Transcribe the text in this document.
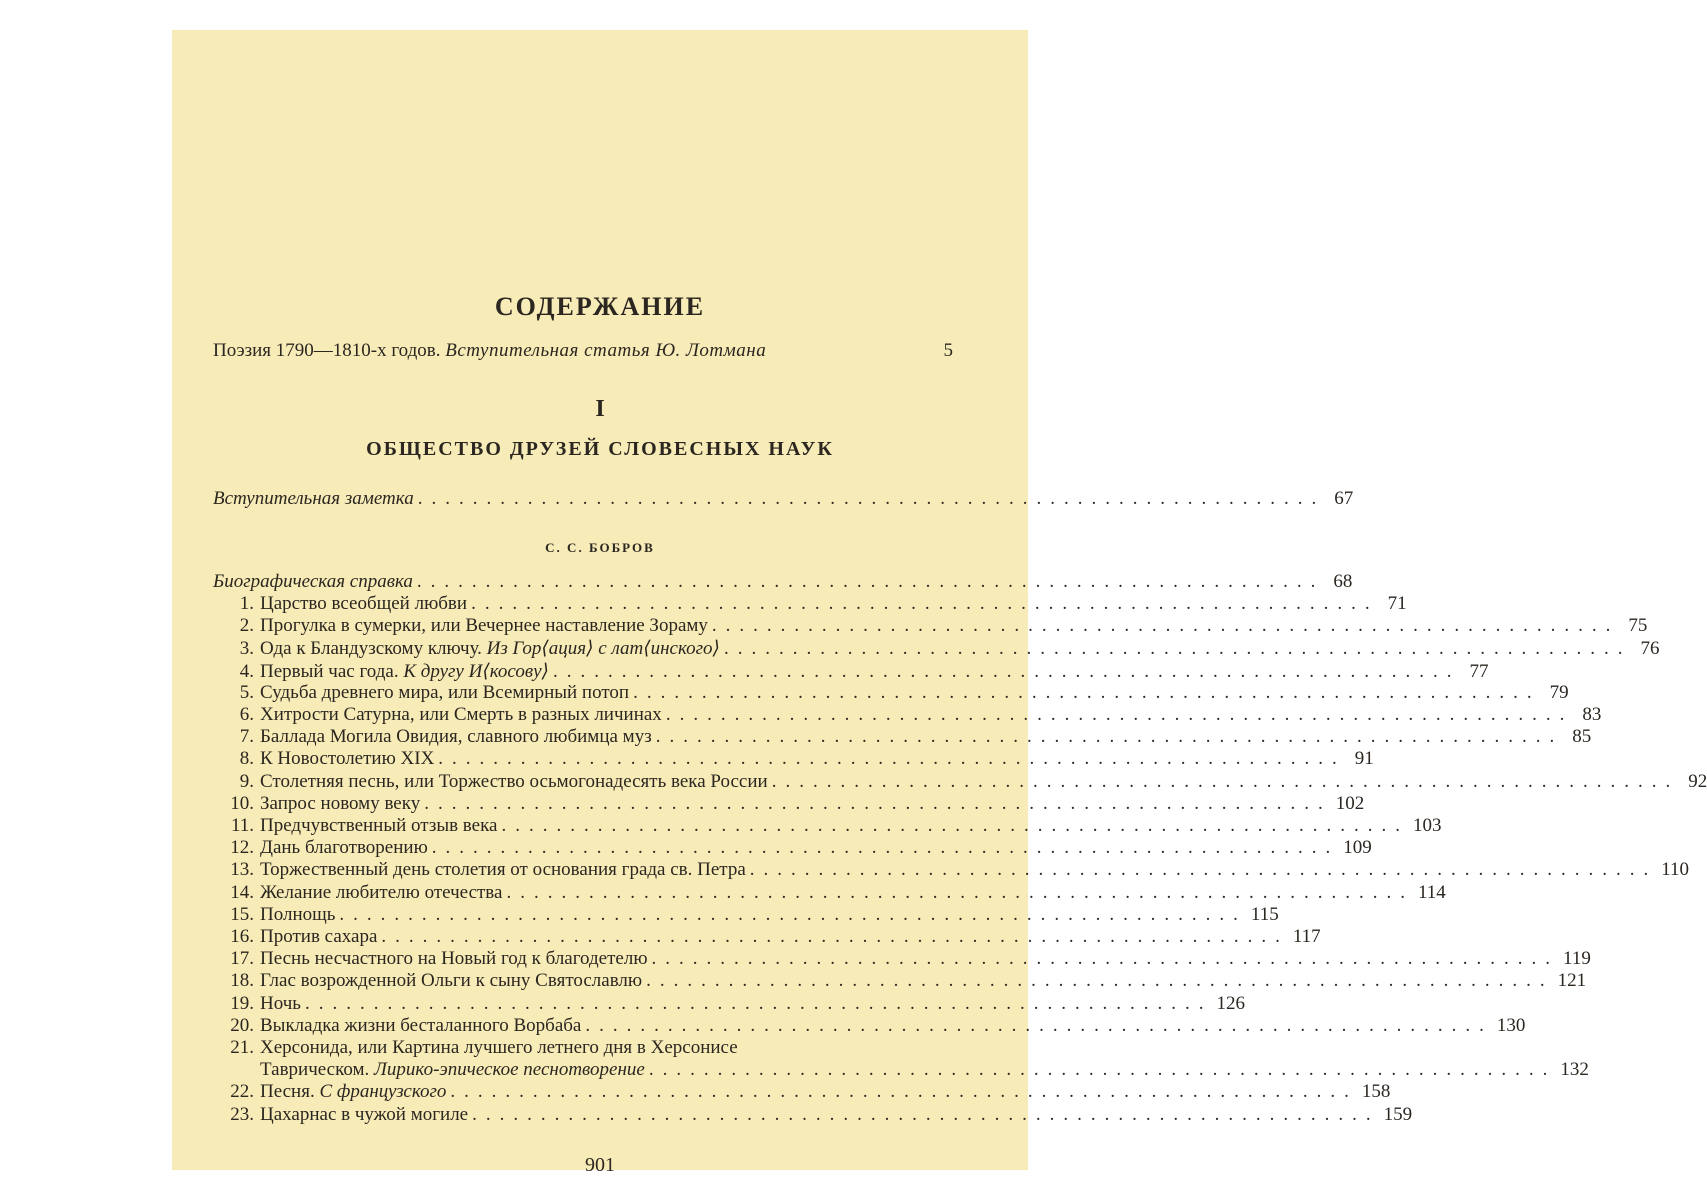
СОДЕРЖАНИЕ
Поэзия 1790—1810-х годов. Вступительная статья Ю. Лотмана	5
I
ОБЩЕСТВО ДРУЗЕЙ СЛОВЕСНЫХ НАУК
Вступительная заметка .................................................................. 67
С. С. БОБРОВ
Биографическая справка .................................................................. 68
1. Царство всеобщей любви .................................................................. 71
2. Прогулка в сумерки, или Вечернее наставление Зораму .................................................................. 75
3. Ода к Бландузскому ключу. Из Гор⟨ация⟩ с лат⟨инского⟩ .................................................................. 76
4. Первый час года. К другу И⟨косову⟩ .................................................................. 77
5. Судьба древнего мира, или Всемирный потоп .................................................................. 79
6. Хитрости Сатурна, или Смерть в разных личинах .................................................................. 83
7. Баллада Могила Овидия, славного любимца муз .................................................................. 85
8. К Новостолетию XIX .................................................................. 91
9. Столетняя песнь, или Торжество осьмогонадесять века России .................................................................. 92
10. Запрос новому веку .................................................................. 102
11. Предчувственный отзыв века .................................................................. 103
12. Дань благотворению .................................................................. 109
13. Торжественный день столетия от основания града св. Петра .................................................................. 110
14. Желание любителю отечества .................................................................. 114
15. Полнощь .................................................................. 115
16. Против сахара .................................................................. 117
17. Песнь несчастного на Новый год к благодетелю .................................................................. 119
18. Глас возрожденной Ольги к сыну Святославлю .................................................................. 121
19. Ночь .................................................................. 126
20. Выкладка жизни бесталанного Ворбаба .................................................................. 130
21. Херсонида, или Картина лучшего летнего дня в Херсонисе
Таврическом. Лирико-эпическое песнотворение .................................................................. 132
22. Песня. С французского .................................................................. 158
23. Цахарнас в чужой могиле .................................................................. 159
901
